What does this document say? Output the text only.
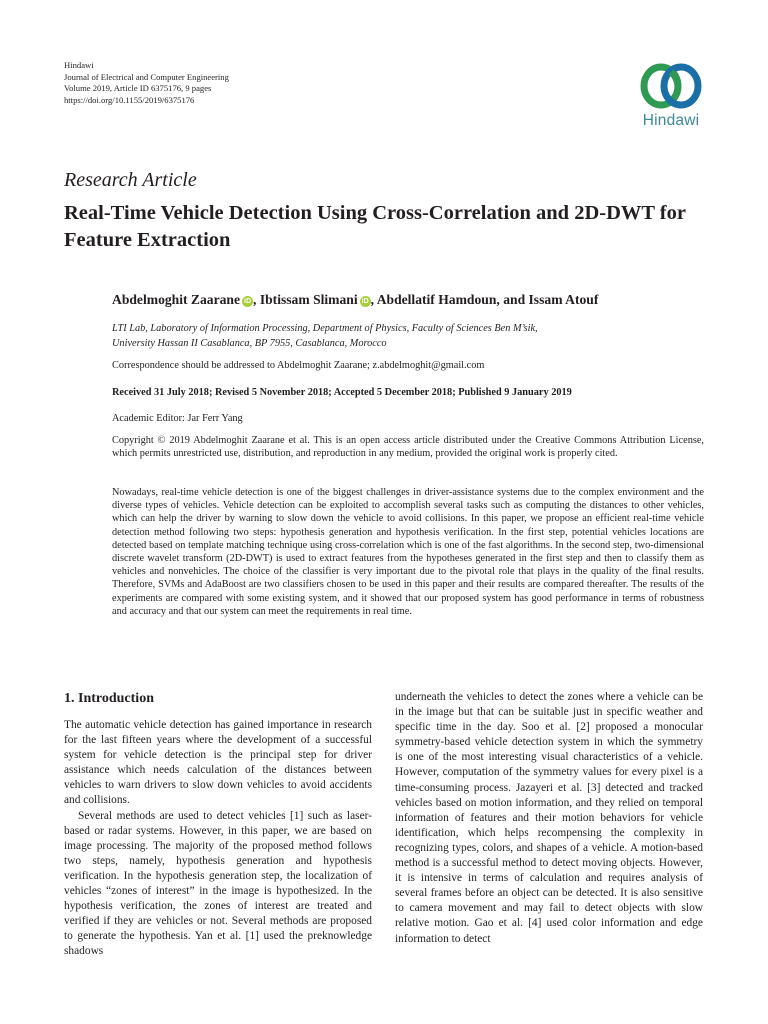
Hindawi
Journal of Electrical and Computer Engineering
Volume 2019, Article ID 6375176, 9 pages
https://doi.org/10.1155/2019/6375176
Hindawi
Research Article
Real-Time Vehicle Detection Using Cross-Correlation and 2D-DWT for Feature Extraction
Abdelmoghit Zaarane iD , Ibtissam Slimani iD , Abdellatif Hamdoun, and Issam Atouf
LTI Lab, Laboratory of Information Processing, Department of Physics, Faculty of Sciences Ben M’sik,
University Hassan II Casablanca, BP 7955, Casablanca, Morocco
Correspondence should be addressed to Abdelmoghit Zaarane; z.abdelmoghit@gmail.com
Received 31 July 2018; Revised 5 November 2018; Accepted 5 December 2018; Published 9 January 2019
Academic Editor: Jar Ferr Yang
Copyright © 2019 Abdelmoghit Zaarane et al. This is an open access article distributed under the Creative Commons Attribution License, which permits unrestricted use, distribution, and reproduction in any medium, provided the original work is properly cited.
Nowadays, real-time vehicle detection is one of the biggest challenges in driver-assistance systems due to the complex environment and the diverse types of vehicles. Vehicle detection can be exploited to accomplish several tasks such as computing the distances to other vehicles, which can help the driver by warning to slow down the vehicle to avoid collisions. In this paper, we propose an efficient real-time vehicle detection method following two steps: hypothesis generation and hypothesis verification. In the first step, potential vehicles locations are detected based on template matching technique using cross-correlation which is one of the fast algorithms. In the second step, two-dimensional discrete wavelet transform (2D-DWT) is used to extract features from the hypotheses generated in the first step and then to classify them as vehicles and nonvehicles. The choice of the classifier is very important due to the pivotal role that plays in the quality of the final results. Therefore, SVMs and AdaBoost are two classifiers chosen to be used in this paper and their results are compared thereafter. The results of the experiments are compared with some existing system, and it showed that our proposed system has good performance in terms of robustness and accuracy and that our system can meet the requirements in real time.
1. Introduction

The automatic vehicle detection has gained importance in research for the last fifteen years where the development of a successful system for vehicle detection is the principal step for driver assistance which needs calculation of the distances between vehicles to warn drivers to slow down vehicles to avoid accidents and collisions.

Several methods are used to detect vehicles [1] such as laser-based or radar systems. However, in this paper, we are based on image processing. The majority of the proposed method follows two steps, namely, hypothesis generation and hypothesis verification. In the hypothesis generation step, the localization of vehicles “zones of interest” in the image is hypothesized. In the hypothesis verification, the zones of interest are treated and verified if they are vehicles or not. Several methods are proposed to generate the hypothesis. Yan et al. [1] used the preknowledge shadows

underneath the vehicles to detect the zones where a vehicle can be in the image but that can be suitable just in specific weather and specific time in the day. Soo et al. [2] proposed a monocular symmetry-based vehicle detection system in which the symmetry is one of the most interesting visual characteristics of a vehicle. However, computation of the symmetry values for every pixel is a time-consuming process. Jazayeri et al. [3] detected and tracked vehicles based on motion information, and they relied on temporal information of features and their motion behaviors for vehicle identification, which helps recompensing the complexity in recognizing types, colors, and shapes of a vehicle. A motion-based method is a successful method to detect moving objects. However, it is intensive in terms of calculation and requires analysis of several frames before an object can be detected. It is also sensitive to camera movement and may fail to detect objects with slow relative motion. Gao et al. [4] used color information and edge information to detect
